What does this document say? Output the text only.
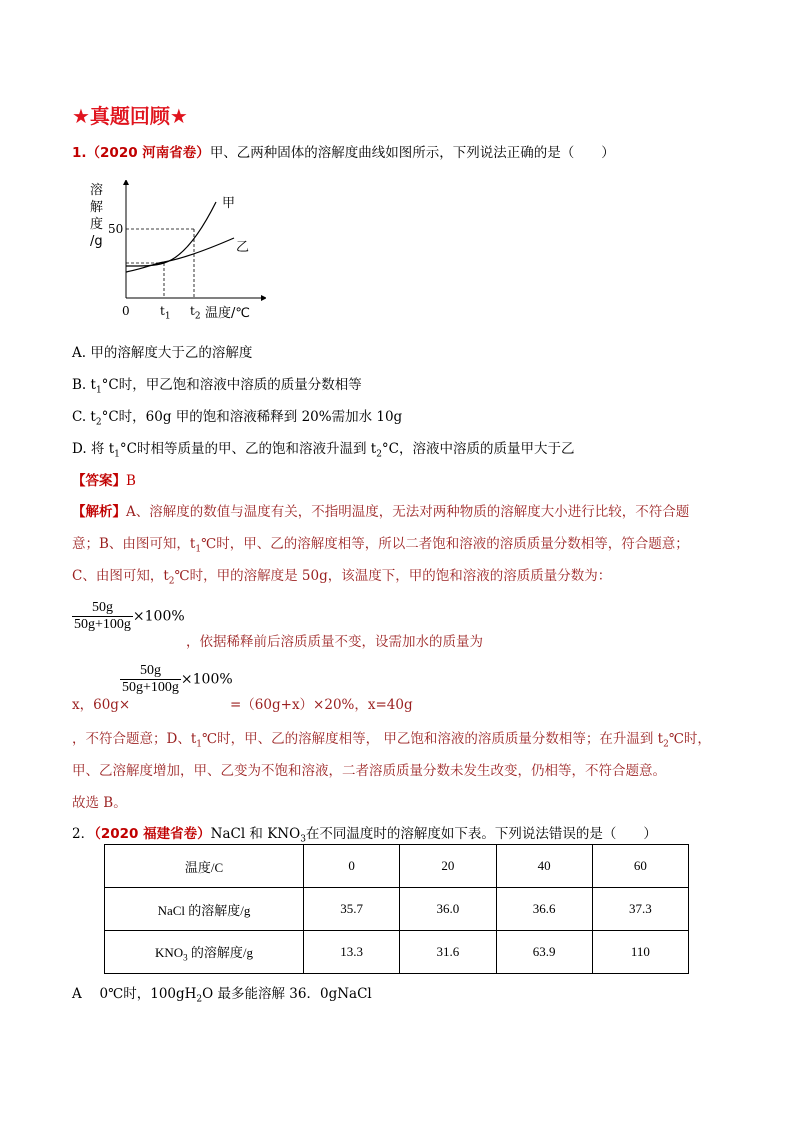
★真题回顾★
1.（2020 河南省卷）甲、乙两种固体的溶解度曲线如图所示，下列说法正确的是（　　）
溶
解
度
/g
50
0	$t_1$ $t_2$ 温度/℃
甲
乙
A. 甲的溶解度大于乙的溶解度
B. $t_1^\circ C$时，甲乙饱和溶液中溶质的质量分数相等
C. $t_2^\circ C$时，60g 甲的饱和溶液稀释到 20%需加水 10g
D. 将 $t_1^\circ C$时相等质量的甲、乙的饱和溶液升温到 $t_2^\circ C$，溶液中溶质的质量甲大于乙
【答案】B
【解析】A、溶解度的数值与温度有关，不指明温度，无法对两种物质的溶解度大小进行比较，不符合题
意；B、由图可知，$t_1℃$时，甲、乙的溶解度相等，所以二者饱和溶液的溶质质量分数相等，符合题意；
C、由图可知，$t_2℃$时，甲的溶解度是 50g，该温度下，甲的饱和溶液的溶质质量分数为：
$\frac{50g}{50g+100g} \times 100\%$
，依据稀释前后溶质质量不变，设需加水的质量为
$\frac{50g}{50g+100g} \times 100\%$
x，60g×	=（60g+x）×20%，x=40g
，不符合题意；D、$t_1℃$时，甲、乙的溶解度相等， 甲乙饱和溶液的溶质质量分数相等；在升温到 $t_2℃$时，
甲、乙溶解度增加，甲、乙变为不饱和溶液，二者溶质质量分数未发生改变，仍相等，不符合题意。
故选 B。
2．（2020 福建省卷）NaCl 和 $KNO_3$在不同温度时的溶解度如下表。下列说法错误的是（　　）
温度/C	0	20	40	60
NaCl 的溶解度/g	35.7	36.0	36.6	37.3
$KNO_3$ 的溶解度/g	13.3	31.6	63.9	110
A　 0℃时，$100gH_2O$ 最多能溶解 36．0gNaCl
